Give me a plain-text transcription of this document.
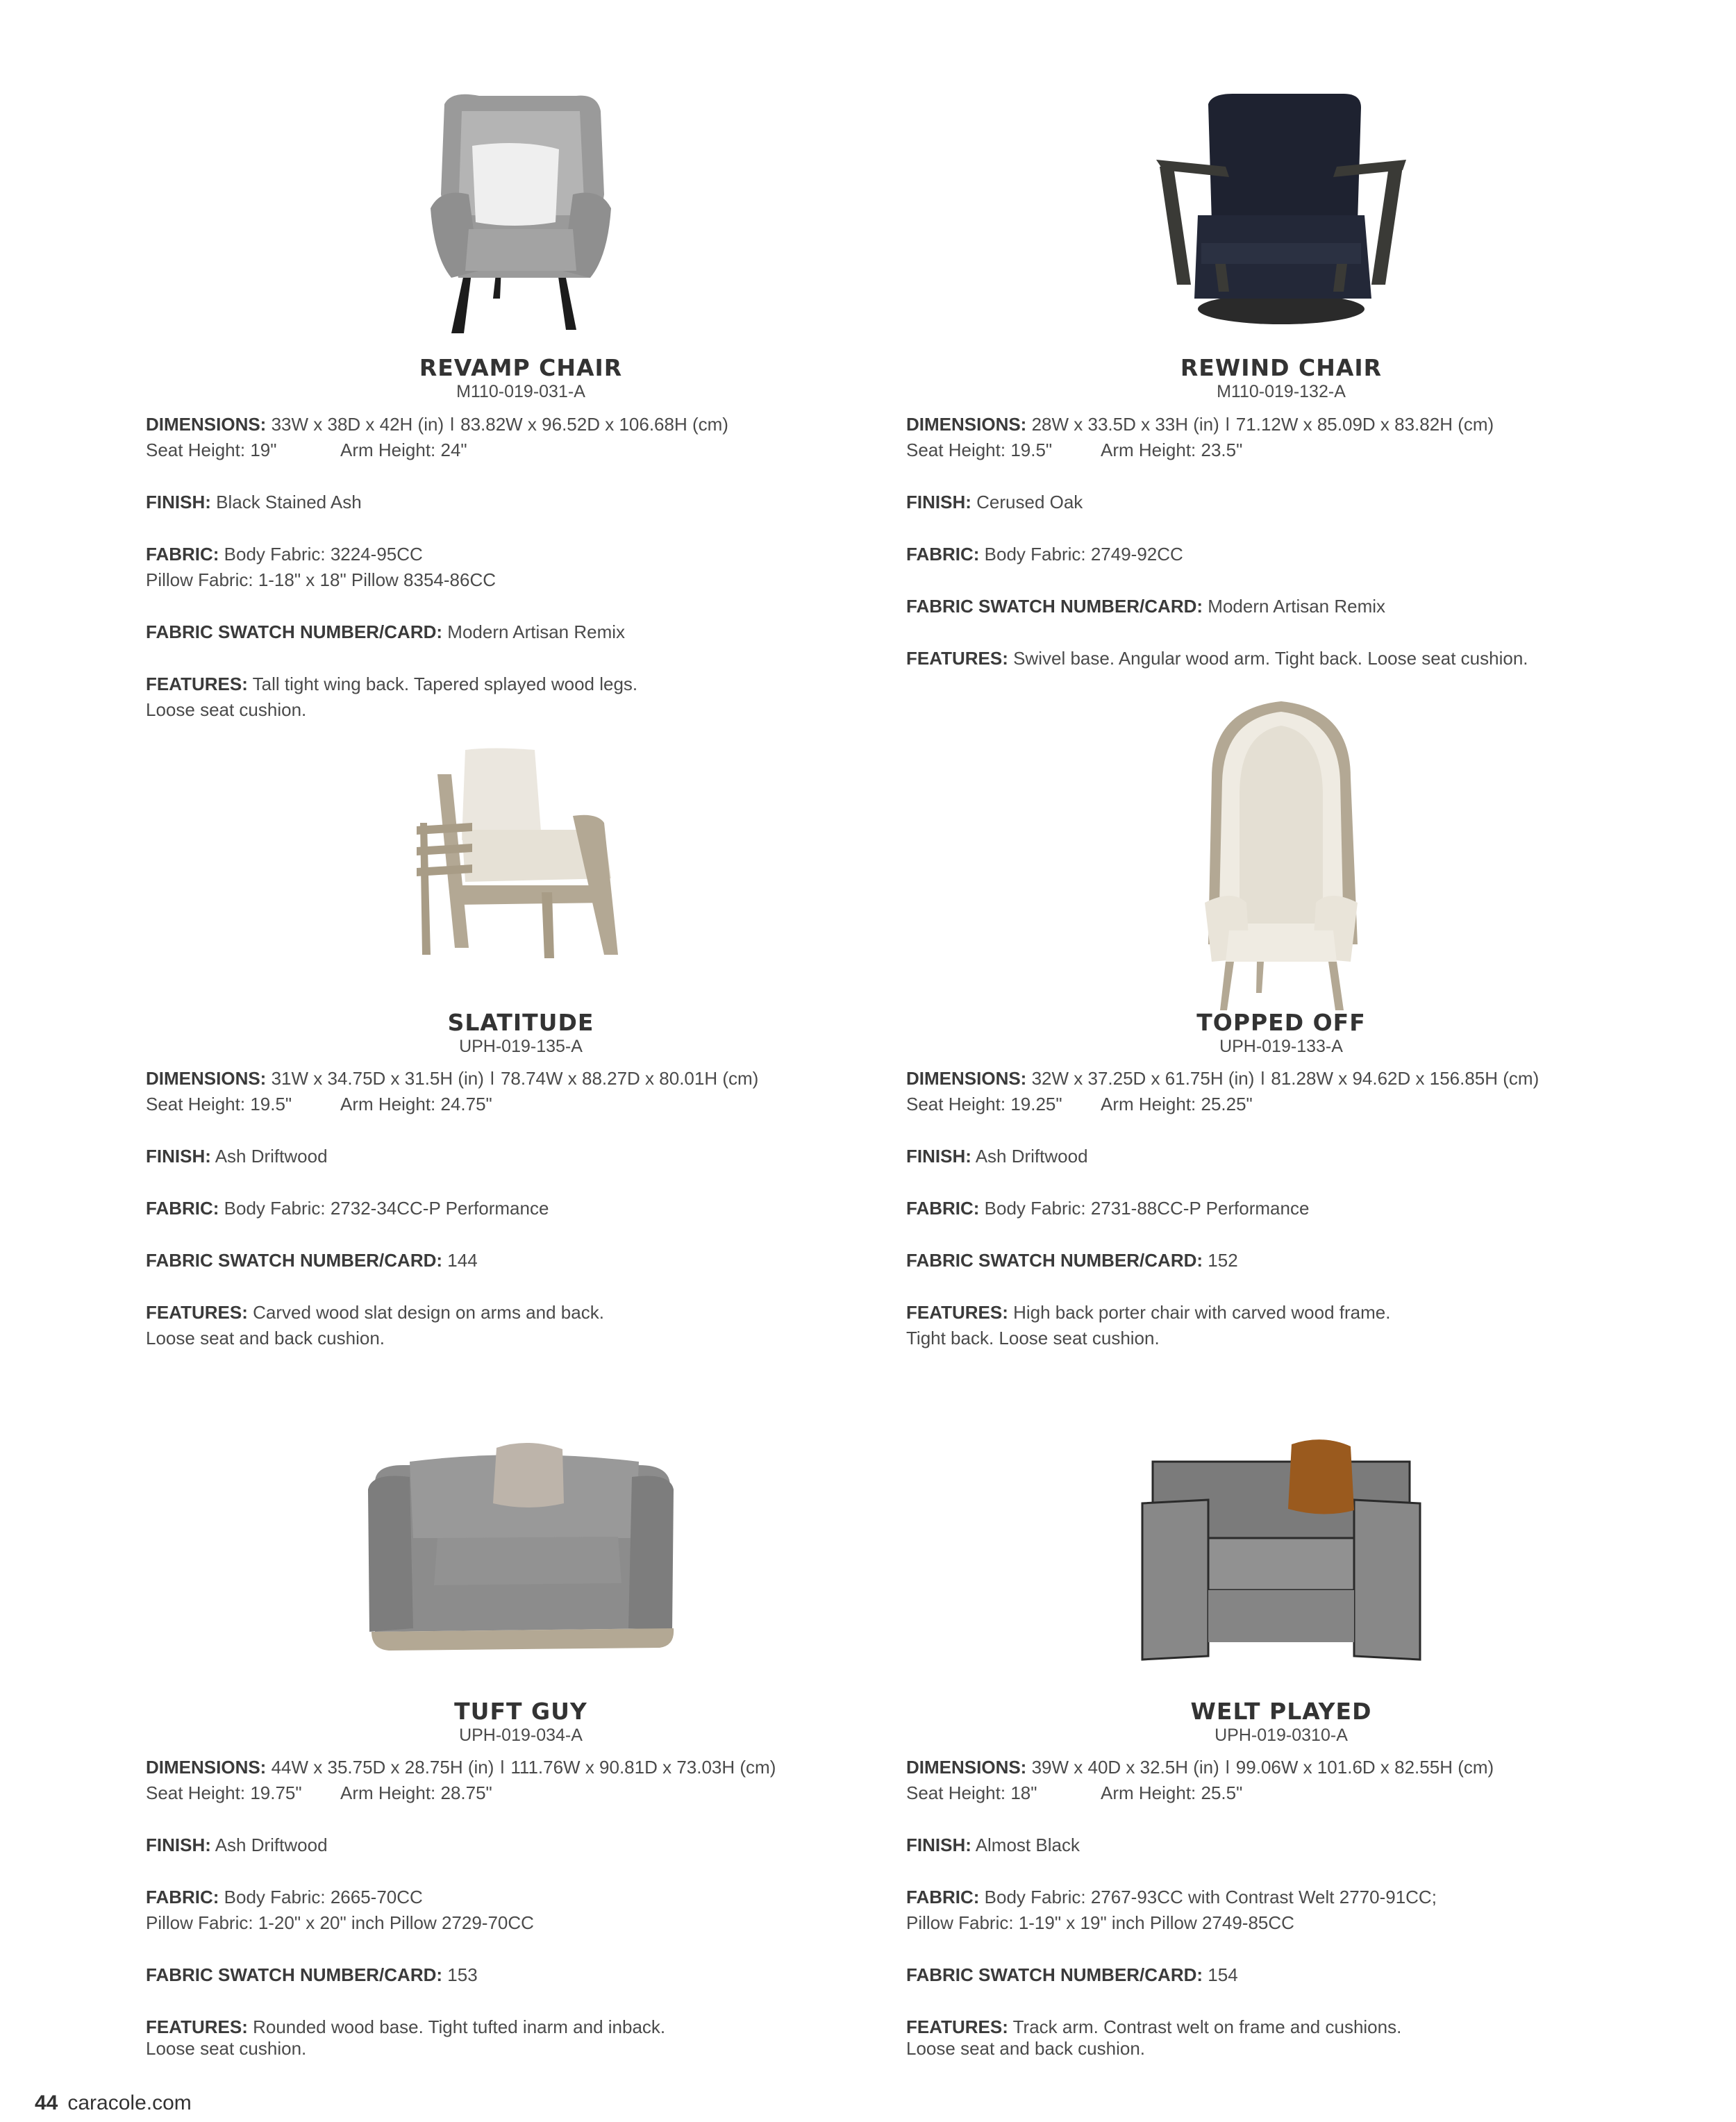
REVAMP CHAIR
M110-019-031-A

DIMENSIONS: 33W x 38D x 42H (in) l 83.82W x 96.52D x 106.68H (cm)

Seat Height: 19"	Arm Height: 24"

FINISH: Black Stained Ash

FABRIC: Body Fabric: 3224-95CC

Pillow Fabric: 1-18" x 18" Pillow 8354-86CC

FABRIC SWATCH NUMBER/CARD: Modern Artisan Remix

FEATURES: Tall tight wing back. Tapered splayed wood legs.

Loose seat cushion.

REWIND CHAIR
M110-019-132-A

DIMENSIONS: 28W x 33.5D x 33H (in) l 71.12W x 85.09D x 83.82H (cm)

Seat Height: 19.5"	Arm Height: 23.5"

FINISH: Cerused Oak

FABRIC: Body Fabric: 2749-92CC

FABRIC SWATCH NUMBER/CARD: Modern Artisan Remix

FEATURES: Swivel base. Angular wood arm. Tight back. Loose seat cushion.

SLATITUDE
UPH-019-135-A

DIMENSIONS: 31W x 34.75D x 31.5H (in) l 78.74W x 88.27D x 80.01H (cm)

Seat Height: 19.5"	Arm Height: 24.75"

FINISH: Ash Driftwood

FABRIC: Body Fabric: 2732-34CC-P Performance

FABRIC SWATCH NUMBER/CARD: 144

FEATURES: Carved wood slat design on arms and back.

Loose seat and back cushion.

TOPPED OFF
UPH-019-133-A

DIMENSIONS: 32W x 37.25D x 61.75H (in) l 81.28W x 94.62D x 156.85H (cm)

Seat Height: 19.25" Arm Height: 25.25"

FINISH: Ash Driftwood

FABRIC: Body Fabric: 2731-88CC-P Performance

FABRIC SWATCH NUMBER/CARD: 152

FEATURES: High back porter chair with carved wood frame.

Tight back. Loose seat cushion.

TUFT GUY
UPH-019-034-A

DIMENSIONS: 44W x 35.75D x 28.75H (in) l 111.76W x 90.81D x 73.03H (cm)

Seat Height: 19.75" Arm Height: 28.75"

FINISH: Ash Driftwood

FABRIC: Body Fabric: 2665-70CC

Pillow Fabric: 1-20" x 20" inch Pillow 2729-70CC

FABRIC SWATCH NUMBER/CARD: 153

FEATURES: Rounded wood base. Tight tufted inarm and inback.

Loose seat cushion.

WELT PLAYED
UPH-019-0310-A

DIMENSIONS: 39W x 40D x 32.5H (in) l 99.06W x 101.6D x 82.55H (cm)

Seat Height: 18"	Arm Height: 25.5"

FINISH: Almost Black

FABRIC: Body Fabric: 2767-93CC with Contrast Welt 2770-91CC;

Pillow Fabric: 1-19" x 19" inch Pillow 2749-85CC

FABRIC SWATCH NUMBER/CARD: 154

FEATURES: Track arm. Contrast welt on frame and cushions.

Loose seat and back cushion.

44 caracole.com
